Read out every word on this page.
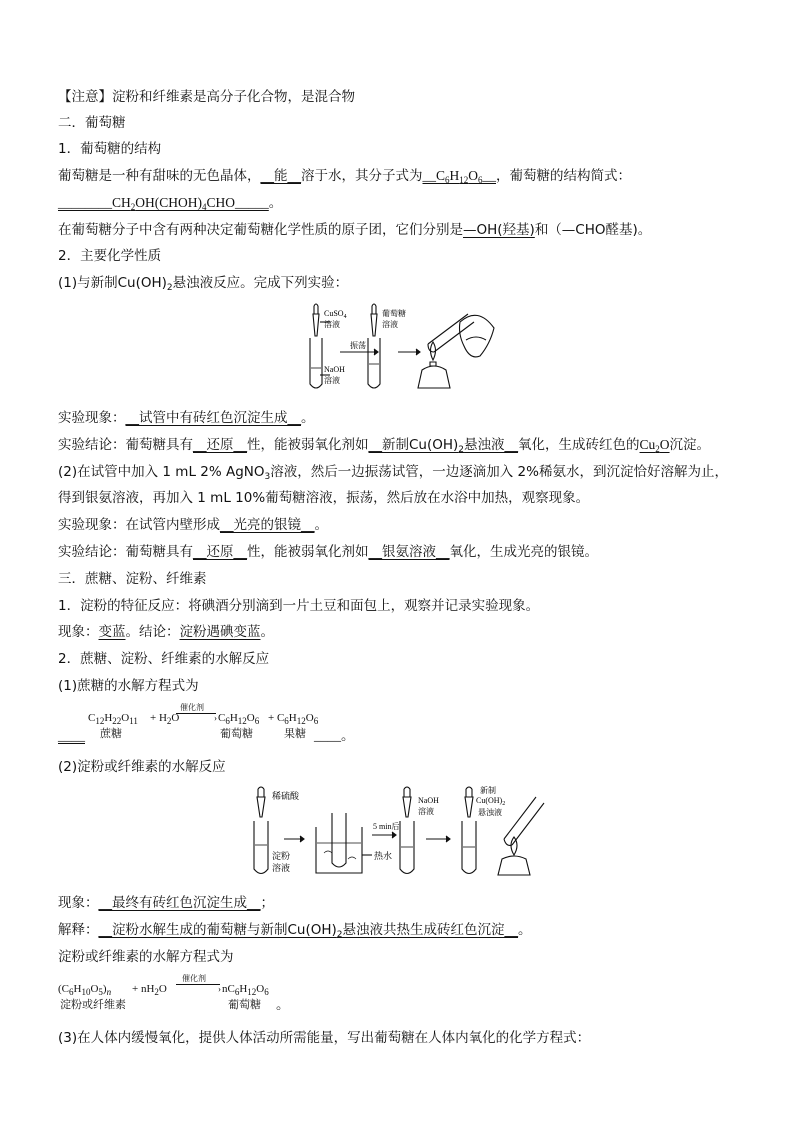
【注意】淀粉和纤维素是高分子化合物，是混合物
二．葡萄糖
1．葡萄糖的结构
葡萄糖是一种有甜味的无色晶体，__能__溶于水，其分子式为$\_\_C_6H_{12}O_6\_\_$，葡萄糖的结构简式：
$\_\_\_\_\_\_\_\_CH_2OH(CHOH)_4CHO\_\_\_\_\_$。
在葡萄糖分子中含有两种决定葡萄糖化学性质的原子团，它们分别是—OH(羟基)和（—CHO醛基)。
2．主要化学性质
(1)与新制$Cu(OH)_2$悬浊液反应。完成下列实验：
CuSO$_4$
溶液
葡萄糖
溶液
振荡
NaOH
溶液
实验现象：__试管中有砖红色沉淀生成__。
实验结论：葡萄糖具有__还原__性，能被弱氧化剂如__新制$Cu(OH)_2$悬浊液__氧化，生成砖红色的$Cu_2O$沉淀。
(2)在试管中加入 1 mL 2% AgNO$_3$溶液，然后一边振荡试管，一边逐滴加入 2%稀氨水，到沉淀恰好溶解为止，
得到银氨溶液，再加入 1 mL 10%葡萄糖溶液，振荡，然后放在水浴中加热，观察现象。
实验现象：在试管内壁形成__光亮的银镜__。
实验结论：葡萄糖具有__还原__性，能被弱氧化剂如__银氨溶液__氧化，生成光亮的银镜。
三．蔗糖、淀粉、纤维素
1．淀粉的特征反应：将碘酒分别滴到一片土豆和面包上，观察并记录实验现象。
现象：变蓝。结论：淀粉遇碘变蓝。
2．蔗糖、淀粉、纤维素的水解反应
(1)蔗糖的水解方程式为
____
$C_{12}H_{22}O_{11} + H_2O$
催化剂
› $C_6H_{12}O_6 + C_6H_{12}O_6$
蔗糖	葡萄糖	果糖 ____。
(2)淀粉或纤维素的水解反应
稀硫酸
淀粉
溶液
5 min后
热水
NaOH
溶液
新制
$Cu(OH)_2$
悬浊液
现象：__最终有砖红色沉淀生成__；
解释：__淀粉水解生成的葡萄糖与新制$Cu(OH)_2$悬浊液共热生成砖红色沉淀__。
淀粉或纤维素的水解方程式为
$(C_6H_{10}O_5)_n + nH_2O$
催化剂
› $nC_6H_{12}O_6$
淀粉或纤维素	葡萄糖 。
(3)在人体内缓慢氧化，提供人体活动所需能量，写出葡萄糖在人体内氧化的化学方程式：
